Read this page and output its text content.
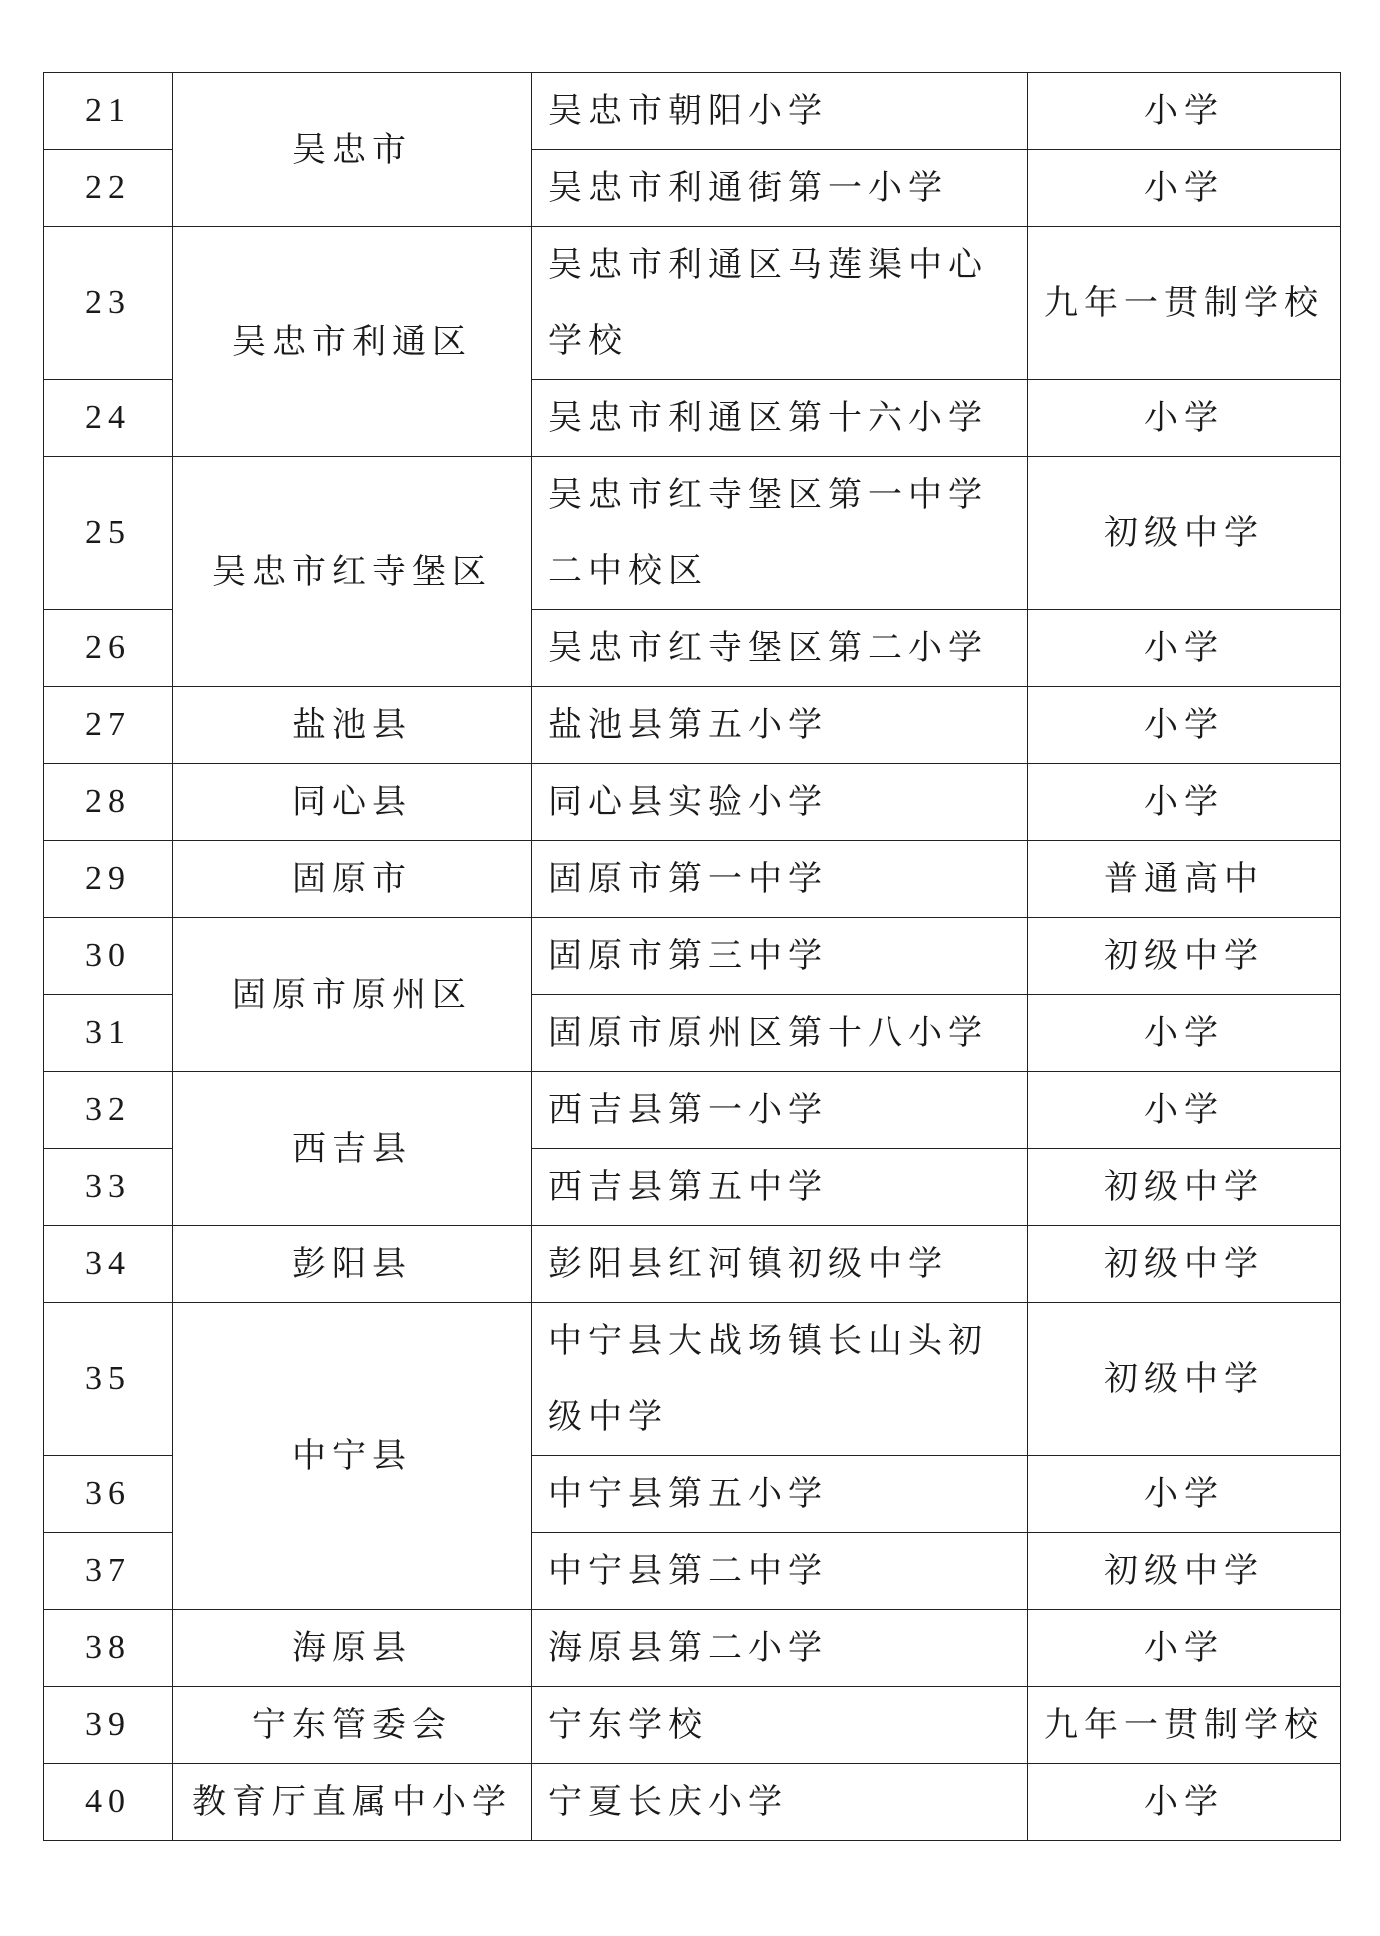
21	吴忠市	吴忠市朝阳小学	小学
22		吴忠市利通街第一小学	小学
23	吴忠市利通区	吴忠市利通区马莲渠中心学校	九年一贯制学校
24		吴忠市利通区第十六小学	小学
25	吴忠市红寺堡区	吴忠市红寺堡区第一中学二中校区	初级中学
26		吴忠市红寺堡区第二小学	小学
27	盐池县	盐池县第五小学	小学
28	同心县	同心县实验小学	小学
29	固原市	固原市第一中学	普通高中
30	固原市原州区	固原市第三中学	初级中学
31		固原市原州区第十八小学	小学
32	西吉县	西吉县第一小学	小学
33		西吉县第五中学	初级中学
34	彭阳县	彭阳县红河镇初级中学	初级中学
35	中宁县	中宁县大战场镇长山头初级中学	初级中学
36		中宁县第五小学	小学
37		中宁县第二中学	初级中学
38	海原县	海原县第二小学	小学
39	宁东管委会	宁东学校	九年一贯制学校
40	教育厅直属中小学	宁夏长庆小学	小学
